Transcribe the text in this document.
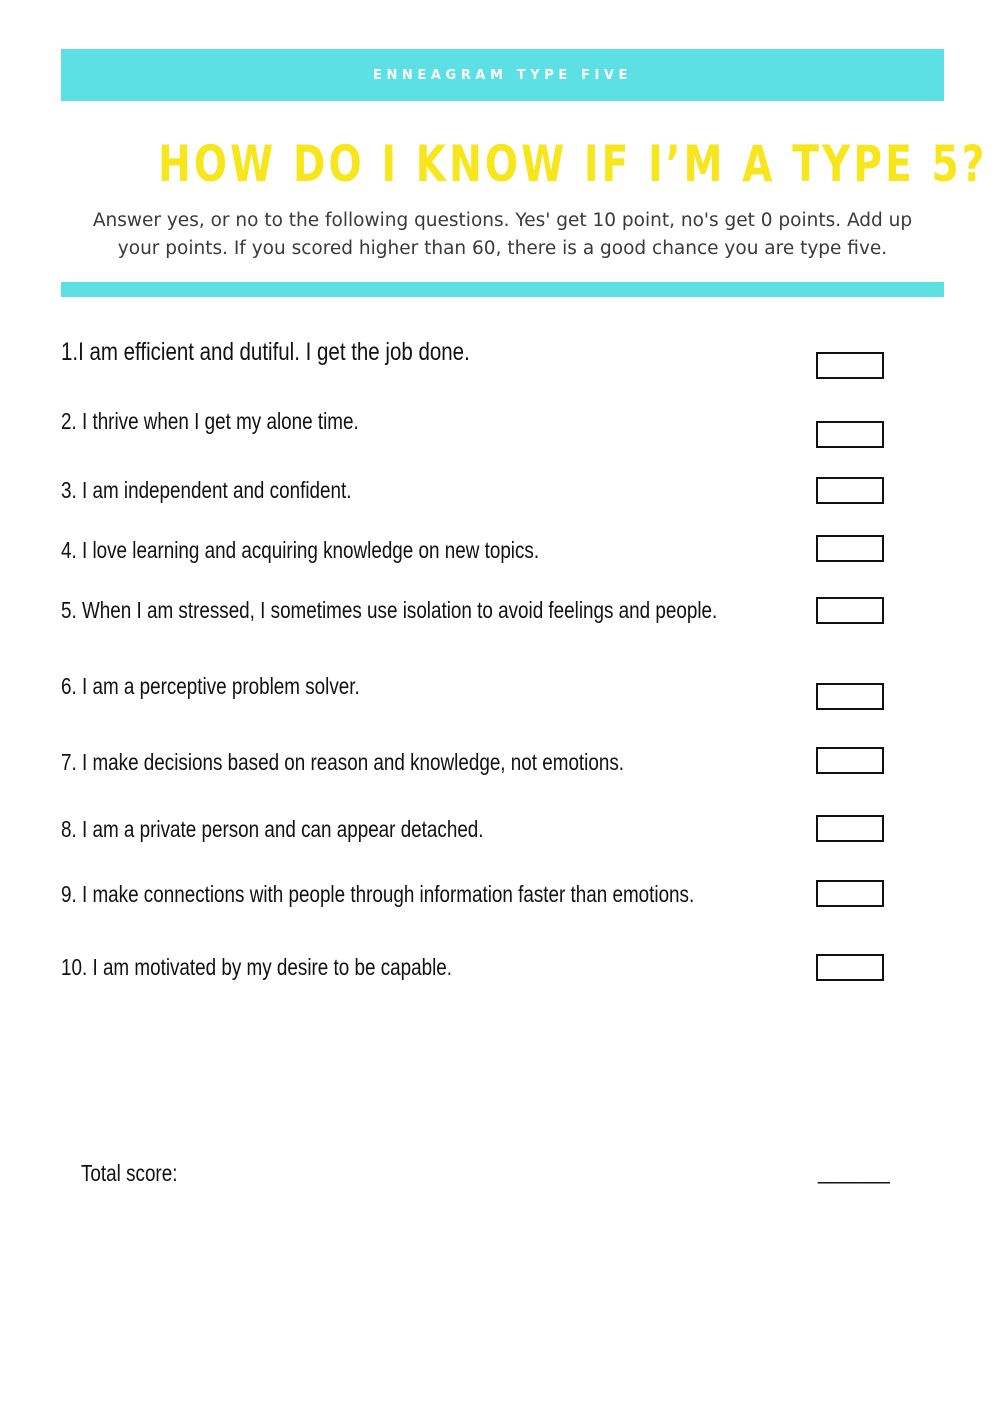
ENNEAGRAM TYPE FIVE
HOW DO I KNOW IF I’M A TYPE 5?

Answer yes, or no to the following questions. Yes' get 10 point, no's get 0 points. Add up your points. If you scored higher than 60, there is a good chance you are type five.

1.I am efficient and dutiful. I get the job done.

2. I thrive when I get my alone time.

3. I am independent and confident.

4. I love learning and acquiring knowledge on new topics.

5. When I am stressed, I sometimes use isolation to avoid feelings and people.

6. I am a perceptive problem solver.

7. I make decisions based on reason and knowledge, not emotions.

8. I am a private person and can appear detached.

9. I make connections with people through information faster than emotions.

10. I am motivated by my desire to be capable.

Total score:	______
